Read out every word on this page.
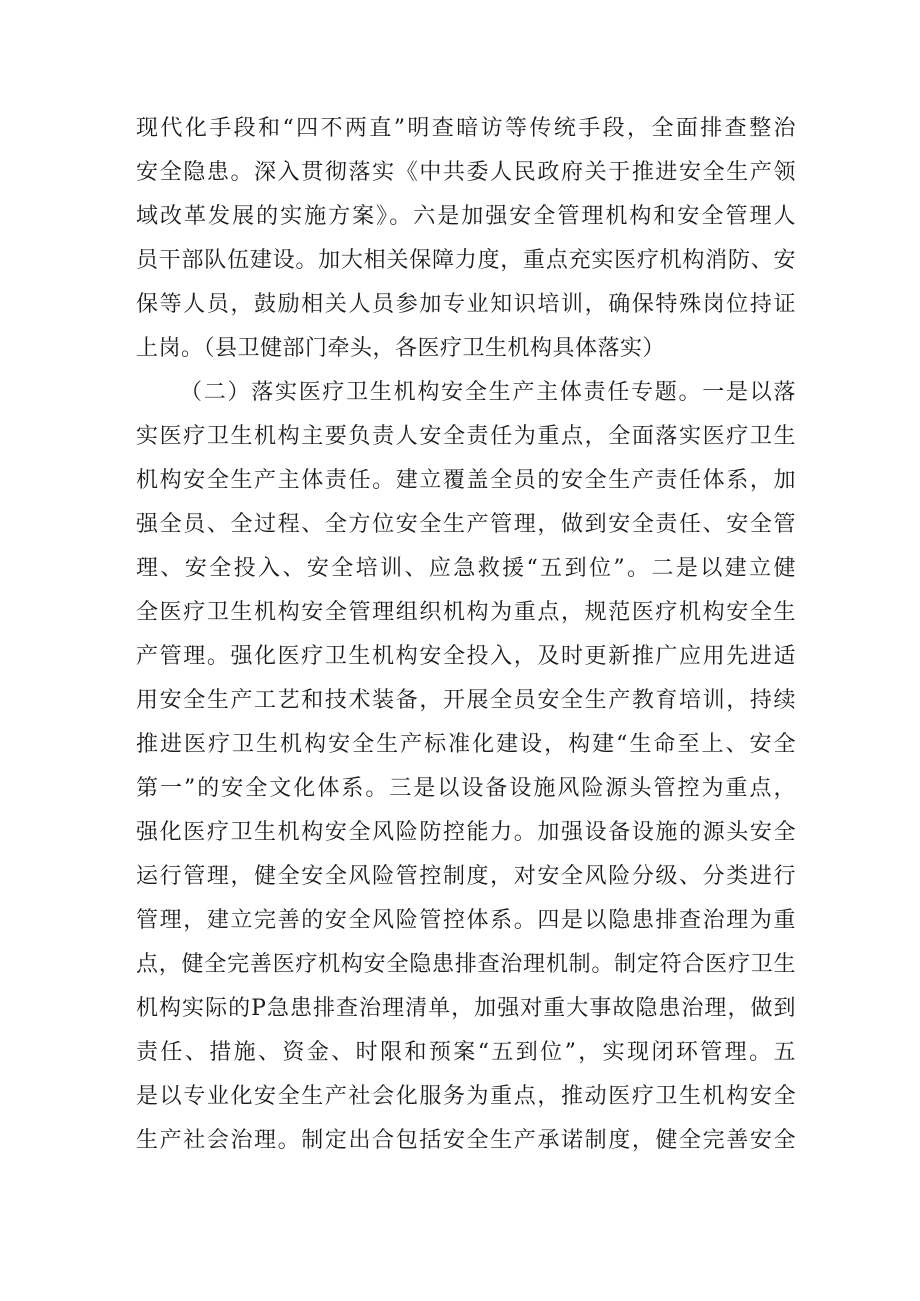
现代化手段和“四不两直”明查暗访等传统手段，全面排查整治
安全隐患。深入贯彻落实《中共委人民政府关于推进安全生产领
域改革发展的实施方案》。六是加强安全管理机构和安全管理人
员干部队伍建设。加大相关保障力度，重点充实医疗机构消防、安
保等人员，鼓励相关人员参加专业知识培训，确保特殊岗位持证
上岗。（县卫健部门牵头，各医疗卫生机构具体落实）
（二）落实医疗卫生机构安全生产主体责任专题。一是以落
实医疗卫生机构主要负责人安全责任为重点，全面落实医疗卫生
机构安全生产主体责任。建立覆盖全员的安全生产责任体系，加
强全员、全过程、全方位安全生产管理，做到安全责任、安全管
理、安全投入、安全培训、应急救援“五到位”。二是以建立健
全医疗卫生机构安全管理组织机构为重点，规范医疗机构安全生
产管理。强化医疗卫生机构安全投入，及时更新推广应用先进适
用安全生产工艺和技术装备，开展全员安全生产教育培训，持续
推进医疗卫生机构安全生产标准化建设，构建“生命至上、安全
第一”的安全文化体系。三是以设备设施风险源头管控为重点，
强化医疗卫生机构安全风险防控能力。加强设备设施的源头安全
运行管理，健全安全风险管控制度，对安全风险分级、分类进行
管理，建立完善的安全风险管控体系。四是以隐患排查治理为重
点，健全完善医疗机构安全隐患排查治理机制。制定符合医疗卫生
机构实际的P急患排查治理清单，加强对重大事故隐患治理，做到
责任、措施、资金、时限和预案“五到位”，实现闭环管理。五
是以专业化安全生产社会化服务为重点，推动医疗卫生机构安全
生产社会治理。制定出合包括安全生产承诺制度，健全完善安全
